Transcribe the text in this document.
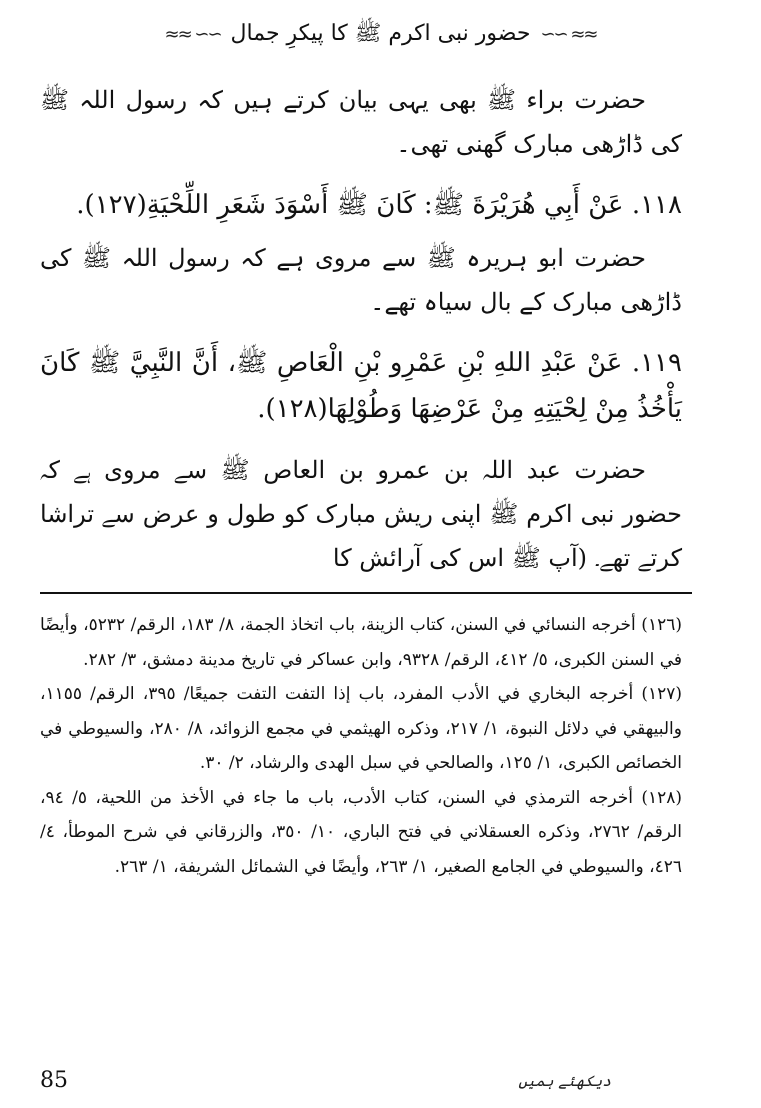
≈≈ ∽∽ حضور نبی اکرم ﷺ کا پیکرِ جمال ∽∽ ≈≈

حضرت براء ﷺ بھی یہی بیان کرتے ہیں کہ رسول اللہ ﷺ کی ڈاڑھی مبارک گھنی تھی۔

١١٨. عَنْ أَبِي هُرَيْرَةَ ﷺ: كَانَ ﷺ أَسْوَدَ شَعَرِ اللِّحْيَةِ(١٢٧).

حضرت ابو ہریرہ ﷺ سے مروی ہے کہ رسول اللہ ﷺ کی ڈاڑھی مبارک کے بال سیاہ تھے۔

١١٩. عَنْ عَبْدِ اللهِ بْنِ عَمْرِو بْنِ الْعَاصِ ﷺ، أَنَّ النَّبِيَّ ﷺ كَانَ يَأْخُذُ مِنْ لِحْيَتِهِ مِنْ عَرْضِهَا وَطُوْلِهَا(١٢٨).

حضرت عبد اللہ بن عمرو بن العاص ﷺ سے مروی ہے کہ حضور نبی اکرم ﷺ اپنی ریش مبارک کو طول و عرض سے تراشا کرتے تھے۔ (آپ ﷺ اس کی آرائش کا

(١٢٦) أخرجه النسائي في السنن، كتاب الزينة، باب اتخاذ الجمة، ٨/ ١٨٣، الرقم/ ٥٢٣٢، وأيضًا في السنن الكبرى، ٥/ ٤١٢، الرقم/ ٩٣٢٨، وابن عساكر في تاريخ مدينة دمشق، ٣/ ٢٨٢.

(١٢٧) أخرجه البخاري في الأدب المفرد، باب إذا التفت التفت جميعًا/ ٣٩٥، الرقم/ ١١٥٥، والبيهقي في دلائل النبوة، ١/ ٢١٧، وذكره الهيثمي في مجمع الزوائد، ٨/ ٢٨٠، والسيوطي في الخصائص الكبرى، ١/ ١٢٥، والصالحي في سبل الهدى والرشاد، ٢/ ٣٠.

(١٢٨) أخرجه الترمذي في السنن، كتاب الأدب، باب ما جاء في الأخذ من اللحية، ٥/ ٩٤، الرقم/ ٢٧٦٢، وذكره العسقلاني في فتح الباري، ١٠/ ٣٥٠، والزرقاني في شرح الموطأ، ٤/ ٤٢٦، والسيوطي في الجامع الصغير، ١/ ٢٦٣، وأيضًا في الشمائل الشريفة، ١/ ٢٦٣.

85	دیکھئے ہمیں
